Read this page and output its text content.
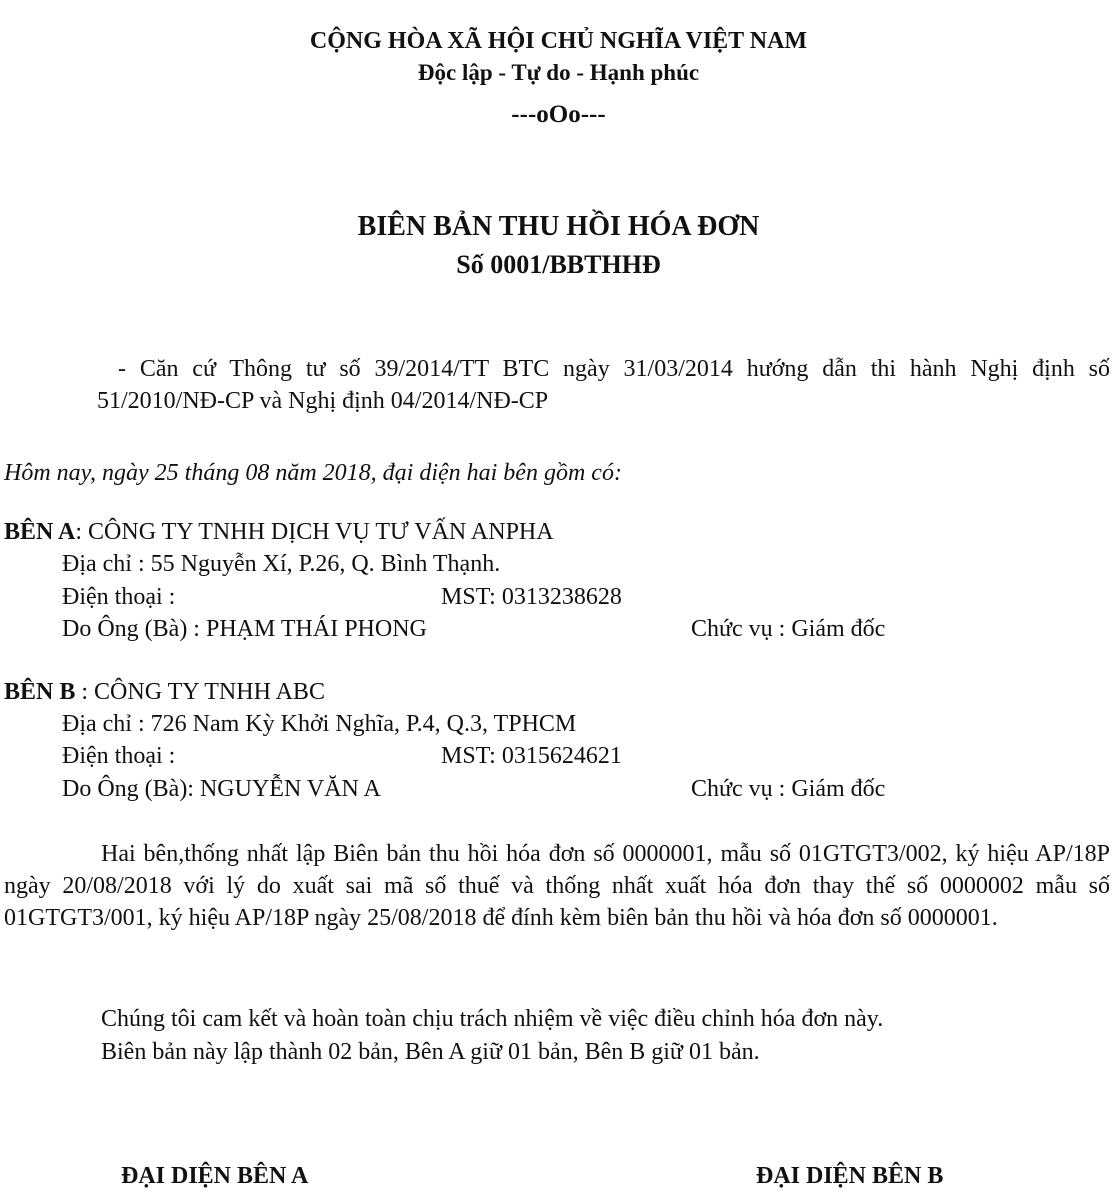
CỘNG HÒA XÃ HỘI CHỦ NGHĨA VIỆT NAM
Độc lập - Tự do - Hạnh phúc
---oOo---
BIÊN BẢN THU HỒI HÓA ĐƠN
Số 0001/BBTHHĐ
- Căn cứ Thông tư số 39/2014/TT BTC ngày 31/03/2014 hướng dẫn thi hành Nghị định số 51/2010/NĐ-CP và Nghị định 04/2014/NĐ-CP
Hôm nay, ngày 25 tháng 08 năm 2018, đại diện hai bên gồm có:
BÊN A: CÔNG TY TNHH DỊCH VỤ TƯ VẤN ANPHA
Địa chỉ : 55 Nguyễn Xí, P.26, Q. Bình Thạnh.
Điện thoại :	MST: 0313238628
Do Ông (Bà) : PHẠM THÁI PHONG	Chức vụ : Giám đốc
BÊN B : CÔNG TY TNHH ABC
Địa chỉ : 726 Nam Kỳ Khởi Nghĩa, P.4, Q.3, TPHCM
Điện thoại :	MST: 0315624621
Do Ông (Bà): NGUYỄN VĂN A	Chức vụ : Giám đốc
Hai bên,thống nhất lập Biên bản thu hồi hóa đơn số 0000001, mẫu số 01GTGT3/002, ký hiệu AP/18P ngày 20/08/2018 với lý do xuất sai mã số thuế và thống nhất xuất hóa đơn thay thế số 0000002 mẫu số 01GTGT3/001, ký hiệu AP/18P ngày 25/08/2018 để đính kèm biên bản thu hồi và hóa đơn số 0000001.
Chúng tôi cam kết và hoàn toàn chịu trách nhiệm về việc điều chỉnh hóa đơn này.
Biên bản này lập thành 02 bản, Bên A giữ 01 bản, Bên B giữ 01 bản.
ĐẠI DIỆN BÊN A	ĐẠI DIỆN BÊN B
